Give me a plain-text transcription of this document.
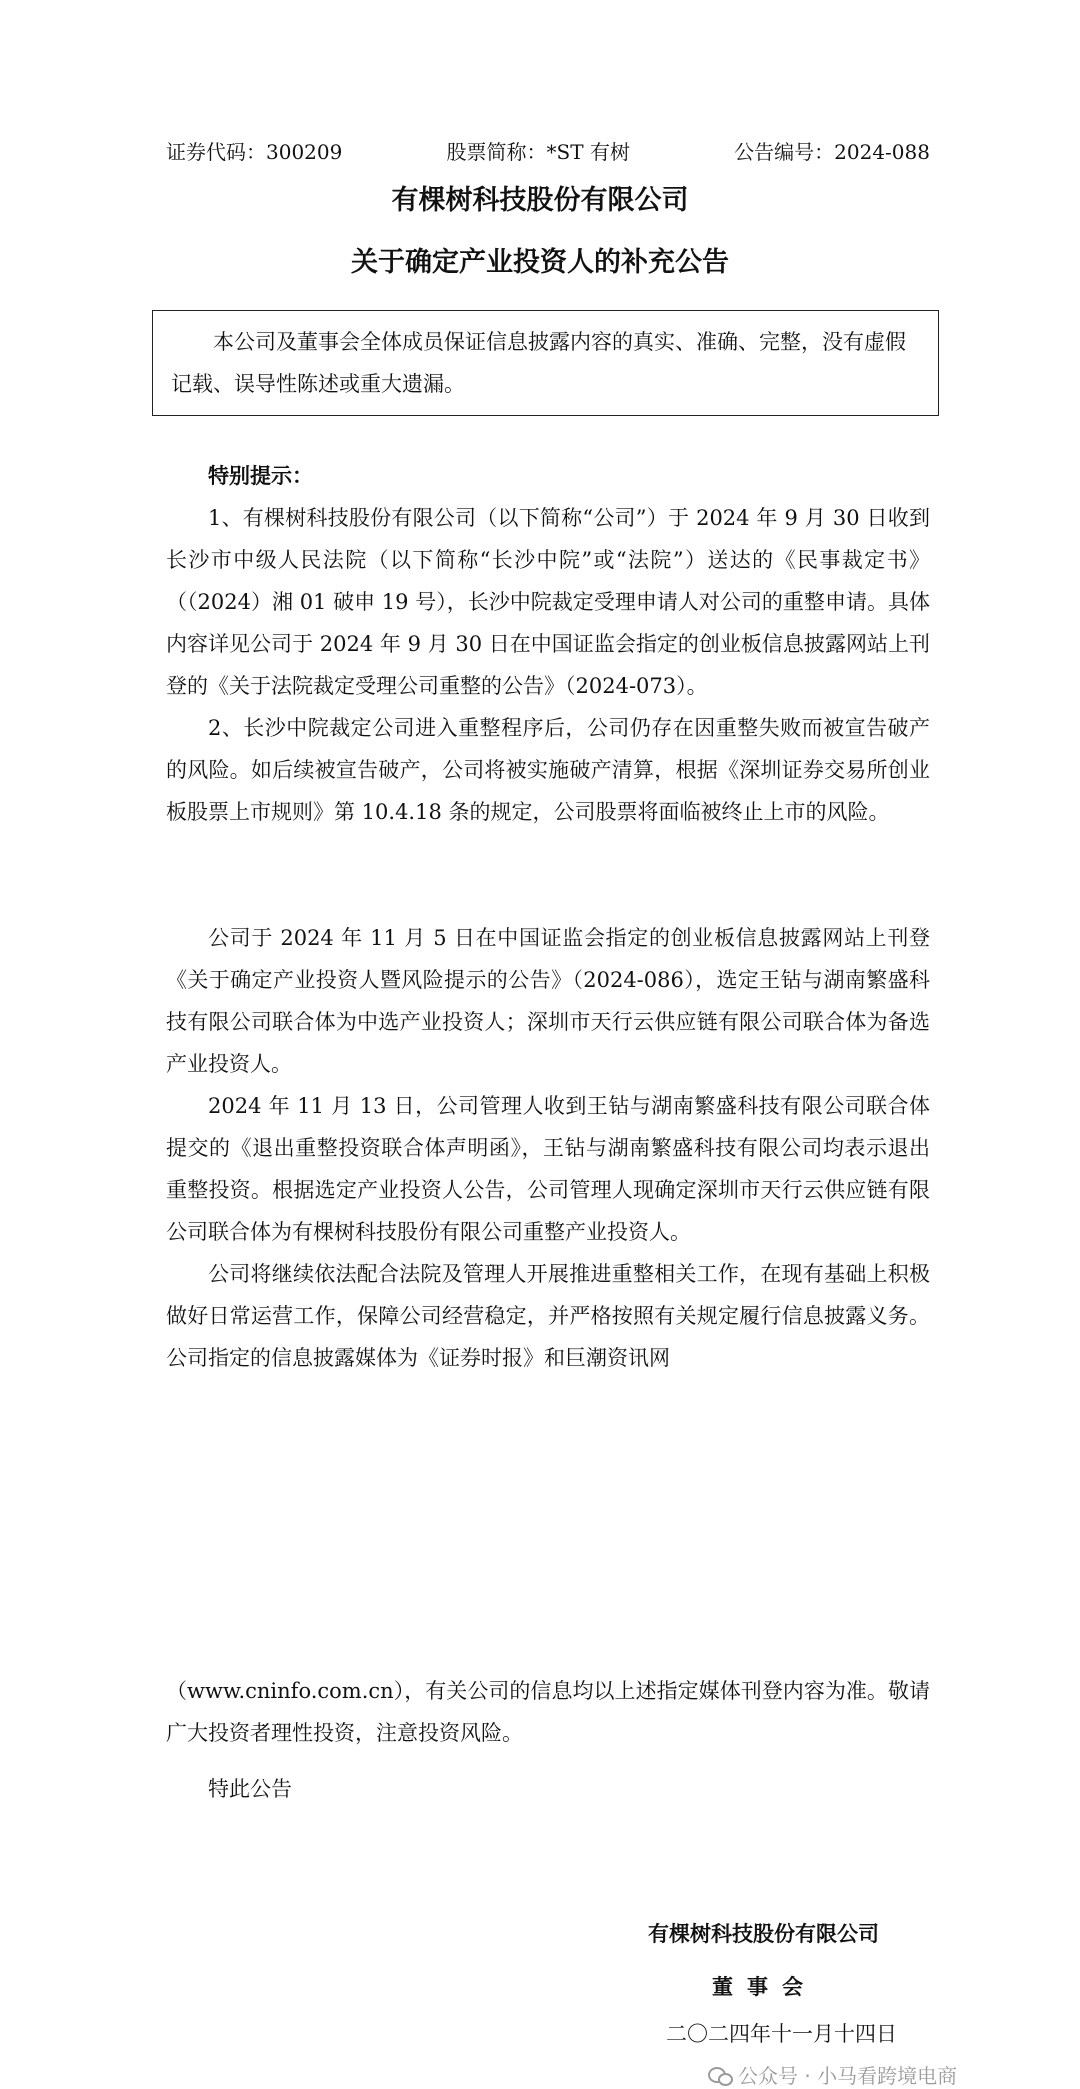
证券代码：300209	股票简称：*ST 有树	公告编号：2024-088
有棵树科技股份有限公司
关于确定产业投资人的补充公告

本公司及董事会全体成员保证信息披露内容的真实、准确、完整，没有虚假记载、误导性陈述或重大遗漏。

特别提示：

1、有棵树科技股份有限公司（以下简称“公司”）于 2024 年 9 月 30 日收到长沙市中级人民法院（以下简称“长沙中院”或“法院”）送达的《民事裁定书》（（2024）湘 01 破申 19 号），长沙中院裁定受理申请人对公司的重整申请。具体内容详见公司于 2024 年 9 月 30 日在中国证监会指定的创业板信息披露网站上刊登的《关于法院裁定受理公司重整的公告》（2024-073）。

2、长沙中院裁定公司进入重整程序后，公司仍存在因重整失败而被宣告破产的风险。如后续被宣告破产，公司将被实施破产清算，根据《深圳证券交易所创业板股票上市规则》第 10.4.18 条的规定，公司股票将面临被终止上市的风险。

公司于 2024 年 11 月 5 日在中国证监会指定的创业板信息披露网站上刊登《关于确定产业投资人暨风险提示的公告》（2024-086），选定王钻与湖南繁盛科技有限公司联合体为中选产业投资人；深圳市天行云供应链有限公司联合体为备选产业投资人。

2024 年 11 月 13 日，公司管理人收到王钻与湖南繁盛科技有限公司联合体提交的《退出重整投资联合体声明函》，王钻与湖南繁盛科技有限公司均表示退出重整投资。根据选定产业投资人公告，公司管理人现确定深圳市天行云供应链有限公司联合体为有棵树科技股份有限公司重整产业投资人。

公司将继续依法配合法院及管理人开展推进重整相关工作，在现有基础上积极做好日常运营工作，保障公司经营稳定，并严格按照有关规定履行信息披露义务。公司指定的信息披露媒体为《证券时报》和巨潮资讯网

（www.cninfo.com.cn），有关公司的信息均以上述指定媒体刊登内容为准。敬请广大投资者理性投资，注意投资风险。

特此公告

有棵树科技股份有限公司
董事会
二〇二四年十一月十四日
公众号 · 小马看跨境电商
